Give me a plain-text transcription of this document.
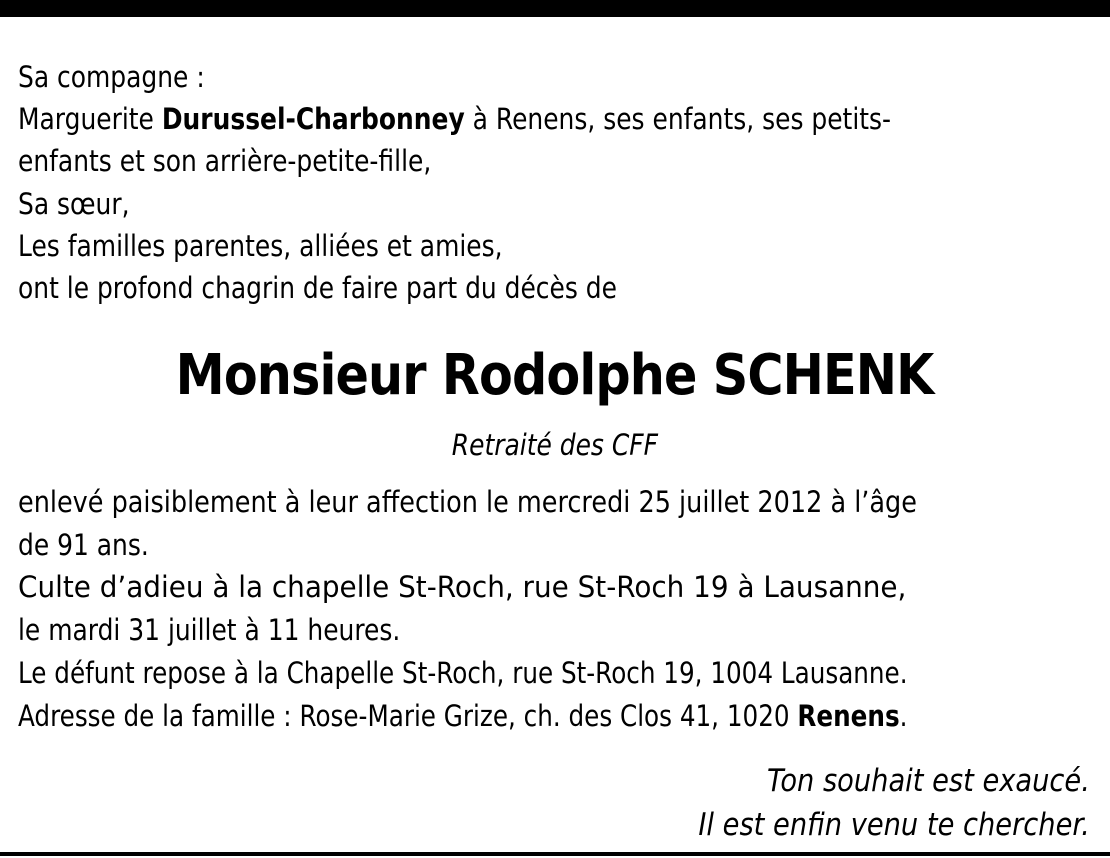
Sa compagne :
Marguerite Durussel-Charbonney à Renens, ses enfants, ses petits-
enfants et son arrière-petite-fille,
Sa sœur,
Les familles parentes, alliées et amies,
ont le profond chagrin de faire part du décès de
Monsieur Rodolphe SCHENK
Retraité des CFF
enlevé paisiblement à leur affection le mercredi 25 juillet 2012 à l’âge
de 91 ans.
Culte d’adieu à la chapelle St-Roch, rue St-Roch 19 à Lausanne,
le mardi 31 juillet à 11 heures.
Le défunt repose à la Chapelle St-Roch, rue St-Roch 19, 1004 Lausanne.
Adresse de la famille : Rose-Marie Grize, ch. des Clos 41, 1020 Renens.
Ton souhait est exaucé.
Il est enfin venu te chercher.
